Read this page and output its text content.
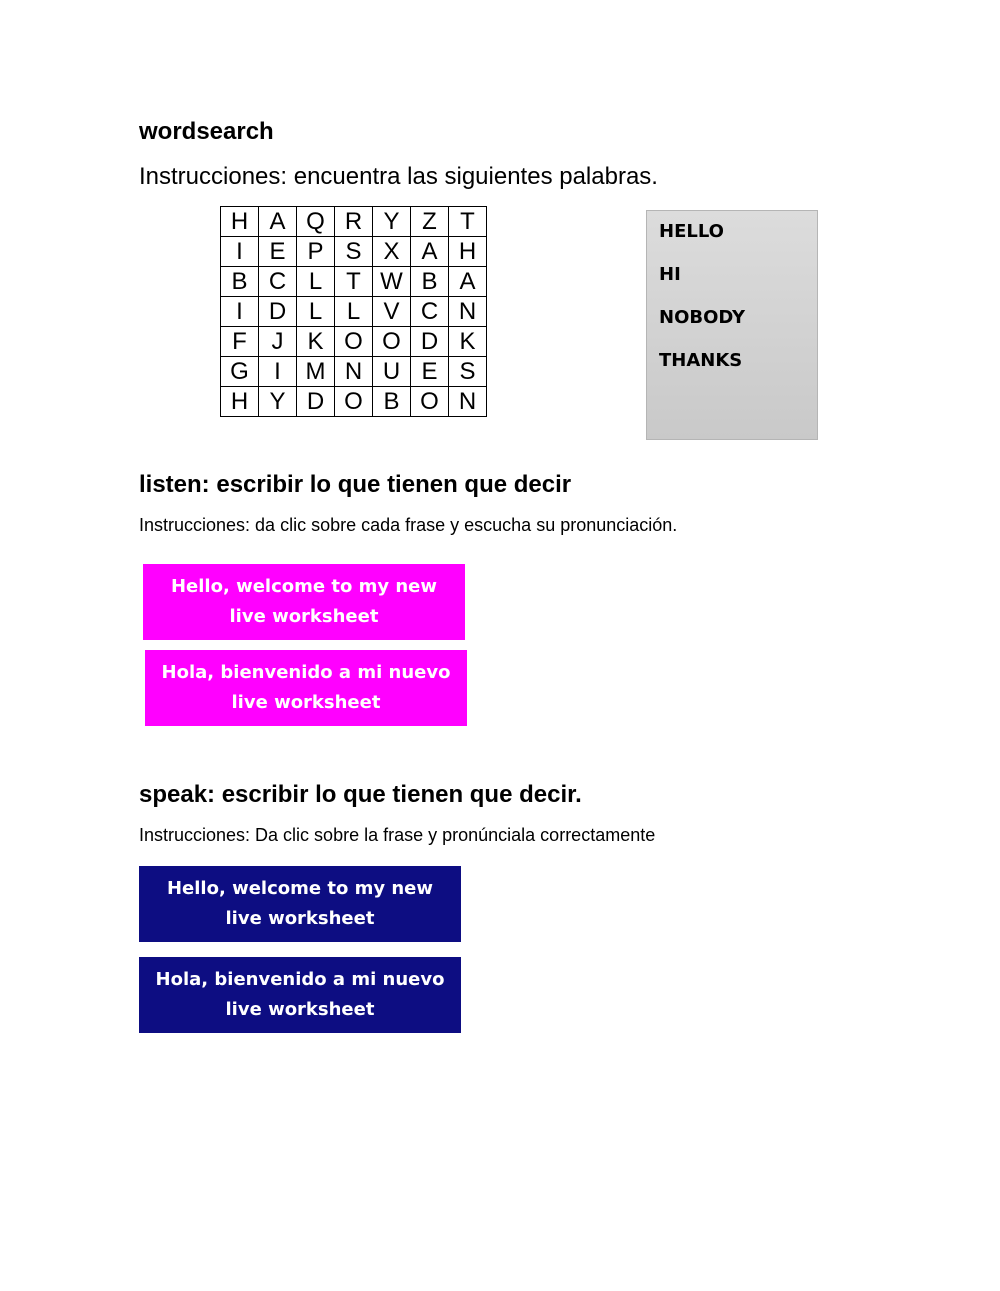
wordsearch
Instrucciones: encuentra las siguientes palabras.
H	A	Q	R	Y	Z	T
I	E	P	S	X	A	H
B	C	L	T	W	B	A
I	D	L	L	V	C	N
F	J	K	O	O	D	K
G	I	M	N	U	E	S
H	Y	D	O	B	O	N
HELLO
HI
NOBODY
THANKS
listen: escribir lo que tienen que decir
Instrucciones: da clic sobre cada frase y escucha su pronunciación.
Hello, welcome to my new live worksheet
Hola, bienvenido a mi nuevo live worksheet
speak: escribir lo que tienen que decir.
Instrucciones: Da clic sobre la frase y pronúnciala correctamente
Hello, welcome to my new live worksheet
Hola, bienvenido a mi nuevo live worksheet
